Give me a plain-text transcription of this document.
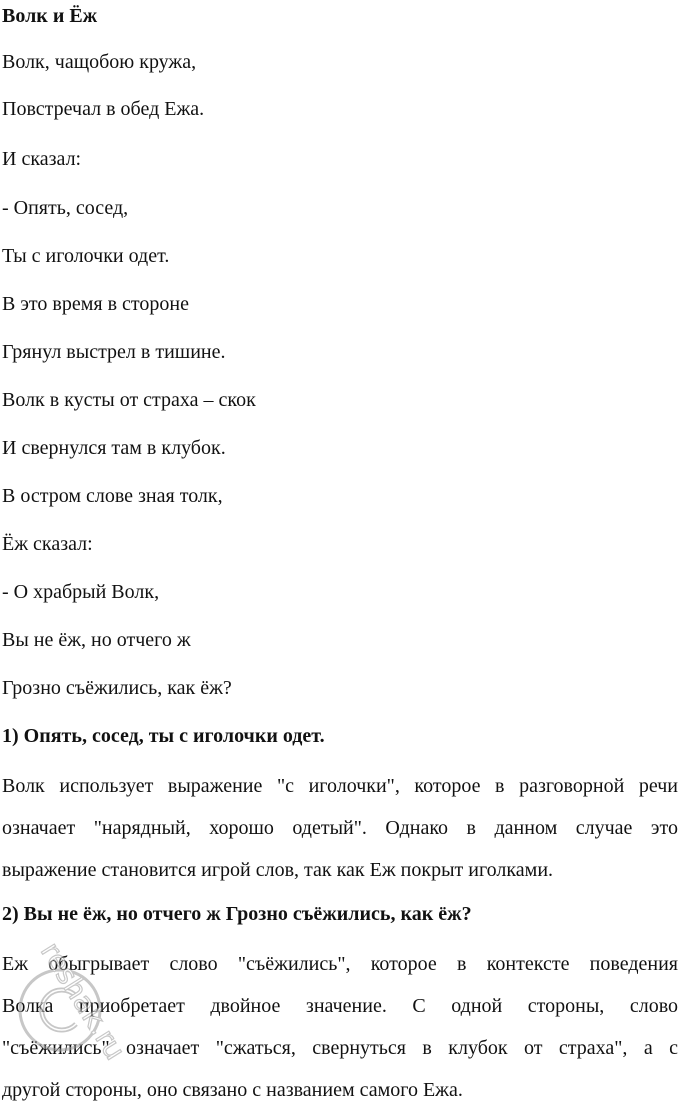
Волк и Ёж
Волк, чащобою кружа,
Повстречал в обед Ежа.
И сказал:
- Опять, сосед,
Ты с иголочки одет.
В это время в стороне
Грянул выстрел в тишине.
Волк в кусты от страха – скок
И свернулся там в клубок.
В остром слове зная толк,
Ёж сказал:
- О храбрый Волк,
Вы не ёж, но отчего ж
Грозно съёжились, как ёж?
1) Опять, сосед, ты с иголочки одет.
Волк использует выражение "с иголочки", которое в разговорной речи
означает "нарядный, хорошо одетый". Однако в данном случае это
выражение становится игрой слов, так как Еж покрыт иголками.
2) Вы не ёж, но отчего ж Грозно съёжились, как ёж?
Еж обыгрывает слово "съёжились", которое в контексте поведения
Волка приобретает двойное значение. С одной стороны, слово
"съёжились" означает "сжаться, свернуться в клубок от страха", а с
другой стороны, оно связано с названием самого Ежа.
reshak.ru
